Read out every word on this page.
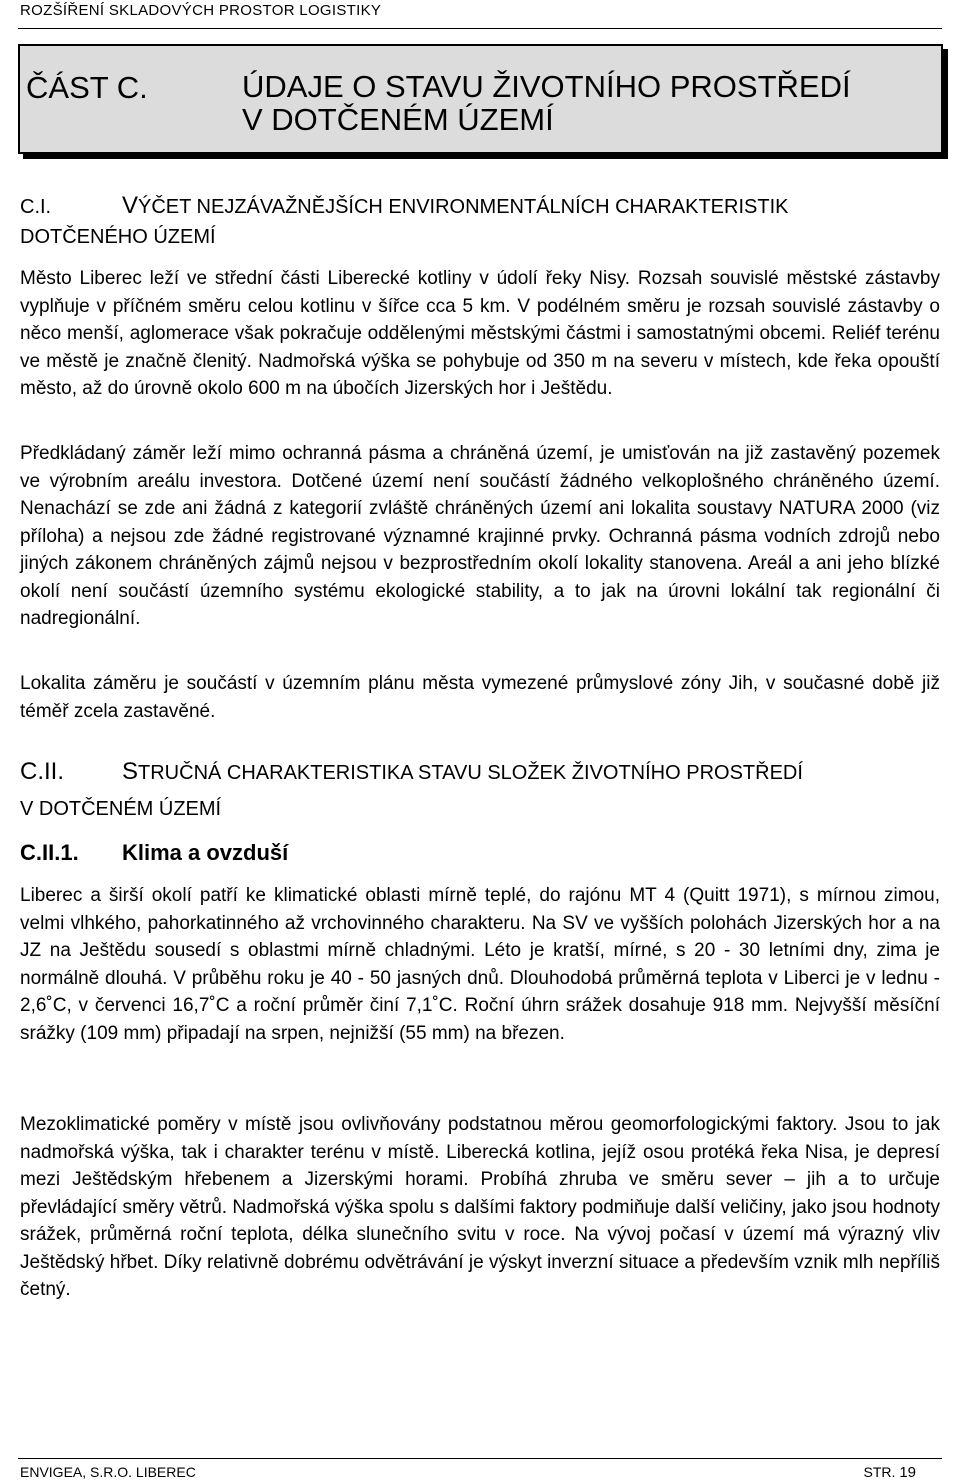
ROZŠÍŘENÍ SKLADOVÝCH PROSTOR LOGISTIKY
ČÁST C.	ÚDAJE O STAVU ŽIVOTNÍHO PROSTŘEDÍ
V DOTČENÉM ÚZEMÍ
C.I.	VÝČET NEJZÁVAŽNĚJŠÍCH ENVIRONMENTÁLNÍCH CHARAKTERISTIK
DOTČENÉHO ÚZEMÍ

Město Liberec leží ve střední části Liberecké kotliny v údolí řeky Nisy. Rozsah souvislé městské zástavby vyplňuje v příčném směru celou kotlinu v šířce cca 5 km. V podélném směru je rozsah souvislé zástavby o něco menší, aglomerace však pokračuje oddělenými městskými částmi i samostatnými obcemi. Reliéf terénu ve městě je značně členitý. Nadmořská výška se pohybuje od 350 m na severu v místech, kde řeka opouští město, až do úrovně okolo 600 m na úbočích Jizerských hor i Ještědu.

Předkládaný záměr leží mimo ochranná pásma a chráněná území, je umisťován na již zastavěný pozemek ve výrobním areálu investora. Dotčené území není součástí žádného velkoplošného chráněného území. Nenachází se zde ani žádná z kategorií zvláště chráněných území ani lokalita soustavy NATURA 2000 (viz příloha) a nejsou zde žádné registrované významné krajinné prvky. Ochranná pásma vodních zdrojů nebo jiných zákonem chráněných zájmů nejsou v bezprostředním okolí lokality stanovena. Areál a ani jeho blízké okolí není součástí územního systému ekologické stability, a to jak na úrovni lokální tak regionální či nadregionální.

Lokalita záměru je součástí v územním plánu města vymezené průmyslové zóny Jih, v současné době již téměř zcela zastavěné.

C.II. STRUČNÁ CHARAKTERISTIKA STAVU SLOŽEK ŽIVOTNÍHO PROSTŘEDÍ
V DOTČENÉM ÚZEMÍ
C.II.1. Klima a ovzduší

Liberec a širší okolí patří ke klimatické oblasti mírně teplé, do rajónu MT 4 (Quitt 1971), s mírnou zimou, velmi vlhkého, pahorkatinného až vrchovinného charakteru. Na SV ve vyšších polohách Jizerských hor a na JZ na Ještědu sousedí s oblastmi mírně chladnými. Léto je kratší, mírné, s 20 - 30 letními dny, zima je normálně dlouhá. V průběhu roku je 40 - 50 jasných dnů. Dlouhodobá průměrná teplota v Liberci je v lednu - 2,6˚C, v červenci 16,7˚C a roční průměr činí 7,1˚C. Roční úhrn srážek dosahuje 918 mm. Nejvyšší měsíční srážky (109 mm) připadají na srpen, nejnižší (55 mm) na březen.

Mezoklimatické poměry v místě jsou ovlivňovány podstatnou měrou geomorfologickými faktory. Jsou to jak nadmořská výška, tak i charakter terénu v místě. Liberecká kotlina, jejíž osou protéká řeka Nisa, je depresí mezi Ještědským hřebenem a Jizerskými horami. Probíhá zhruba ve směru sever – jih a to určuje převládající směry větrů. Nadmořská výška spolu s dalšími faktory podmiňuje další veličiny, jako jsou hodnoty srážek, průměrná roční teplota, délka slunečního svitu v roce. Na vývoj počasí v území má výrazný vliv Ještědský hřbet. Díky relativně dobrému odvětrávání je výskyt inverzní situace a především vznik mlh nepříliš četný.

ENVIGEA, S.R.O. LIBEREC	STR. 19
